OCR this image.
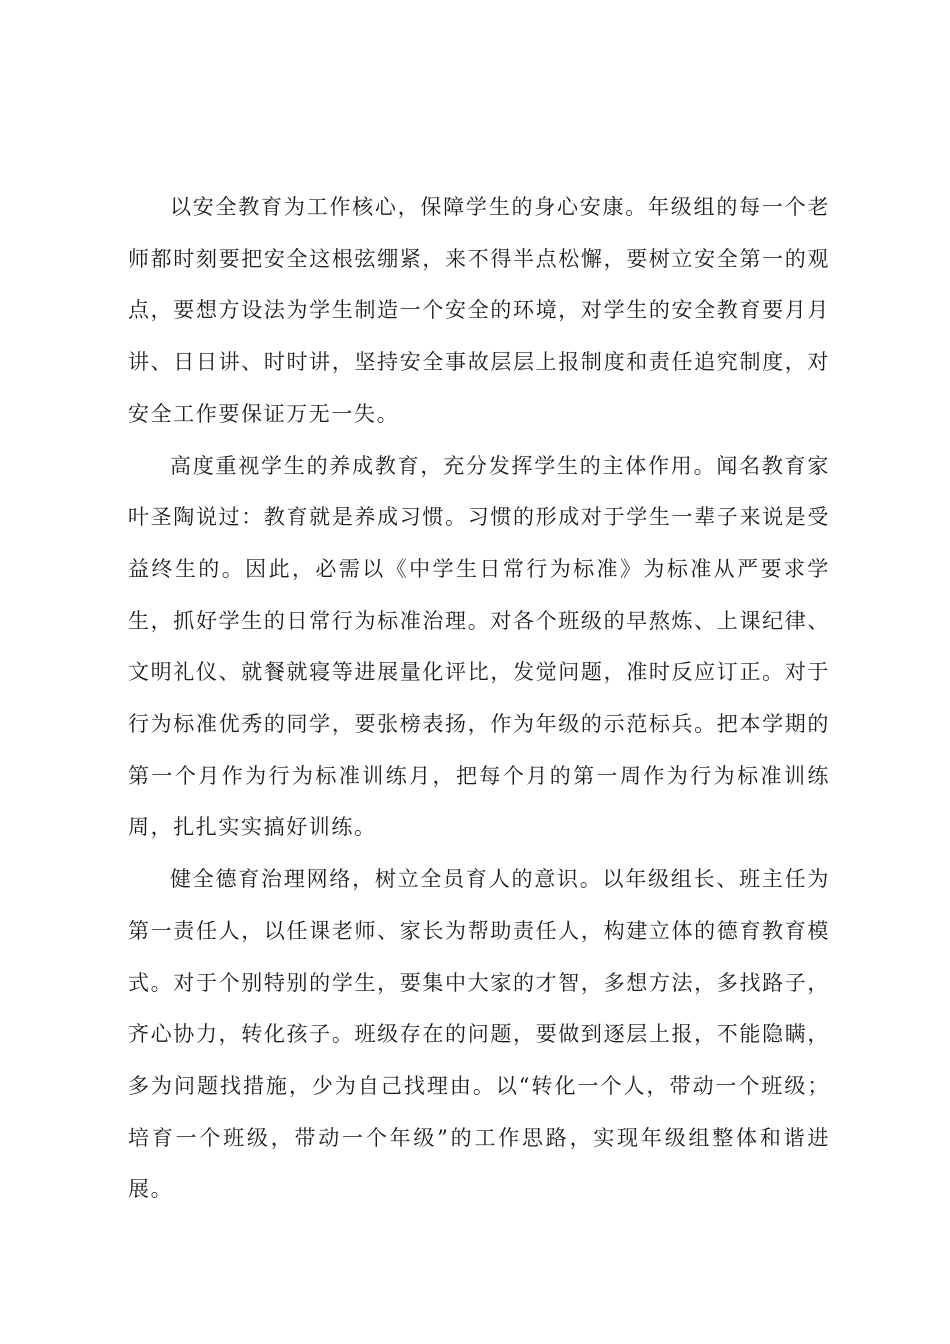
以安全教育为工作核心，保障学生的身心安康。年级组的每一个老师都时刻要把安全这根弦绷紧，来不得半点松懈，要树立安全第一的观点，要想方设法为学生制造一个安全的环境，对学生的安全教育要月月讲、日日讲、时时讲，坚持安全事故层层上报制度和责任追究制度，对安全工作要保证万无一失。

高度重视学生的养成教育，充分发挥学生的主体作用。闻名教育家叶圣陶说过：教育就是养成习惯。习惯的形成对于学生一辈子来说是受益终生的。因此，必需以《中学生日常行为标准》为标准从严要求学生，抓好学生的日常行为标准治理。对各个班级的早熬炼、上课纪律、文明礼仪、就餐就寝等进展量化评比，发觉问题，准时反应订正。对于行为标准优秀的同学，要张榜表扬，作为年级的示范标兵。把本学期的第一个月作为行为标准训练月，把每个月的第一周作为行为标准训练周，扎扎实实搞好训练。

健全德育治理网络，树立全员育人的意识。以年级组长、班主任为第一责任人，以任课老师、家长为帮助责任人，构建立体的德育教育模式。对于个别特别的学生，要集中大家的才智，多想方法，多找路子，齐心协力，转化孩子。班级存在的问题，要做到逐层上报，不能隐瞒，多为问题找措施，少为自己找理由。以“转化一个人，带动一个班级；培育一个班级，带动一个年级”的工作思路，实现年级组整体和谐进展。
